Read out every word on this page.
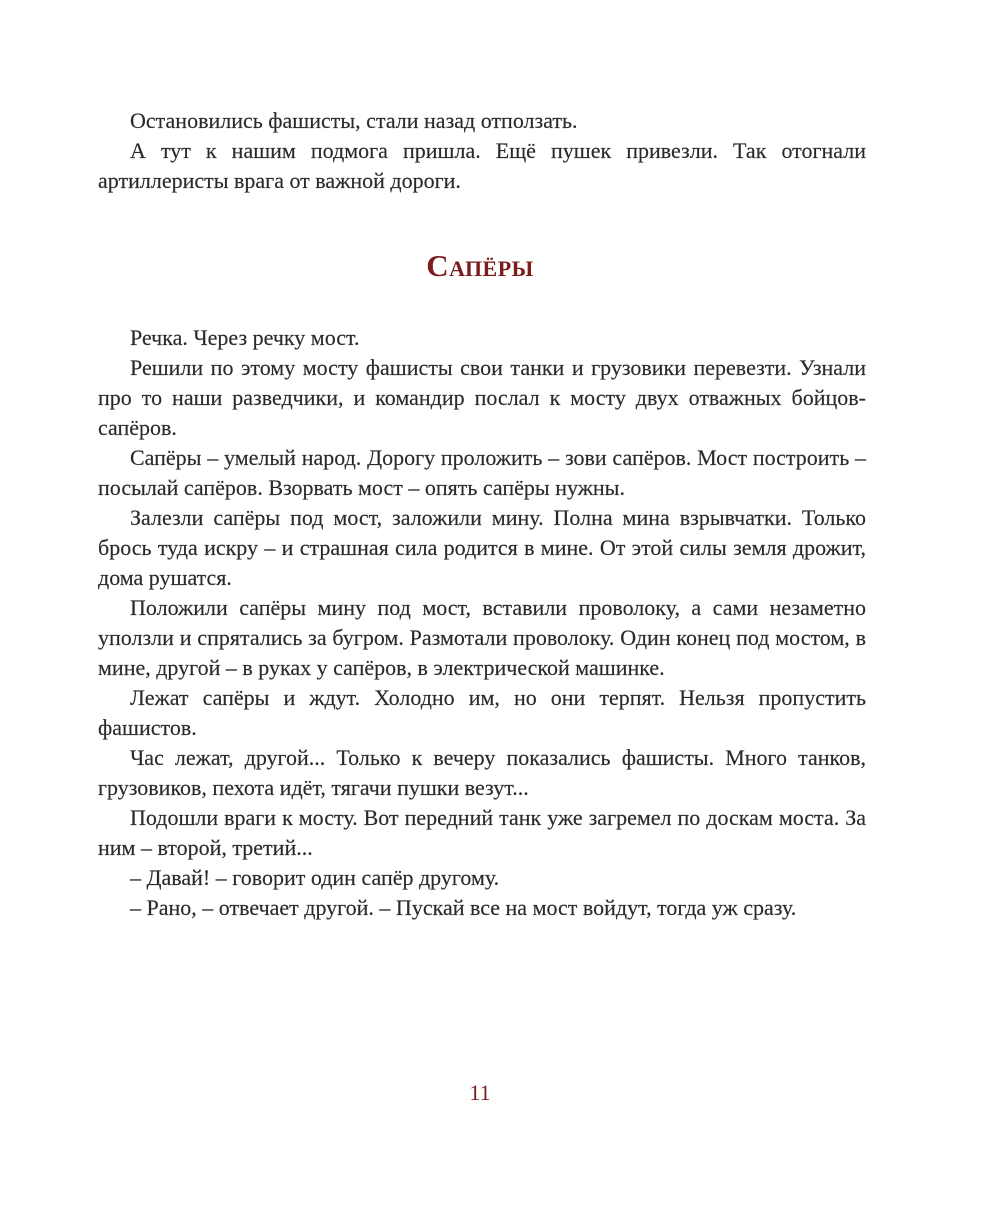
Остановились фашисты, стали назад отползать.

А тут к нашим подмога пришла. Ещё пушек привезли. Так отогнали артиллеристы врага от важной дороги.

Сапёры

Речка. Через речку мост.

Решили по этому мосту фашисты свои танки и грузовики перевезти. Узнали про то наши разведчики, и командир послал к мосту двух отважных бойцов-сапёров.

Сапёры – умелый народ. Дорогу проложить – зови сапёров. Мост построить – посылай сапёров. Взорвать мост – опять сапёры нужны.

Залезли сапёры под мост, заложили мину. Полна мина взрывчатки. Только брось туда искру – и страшная сила родится в мине. От этой силы земля дрожит, дома рушатся.

Положили сапёры мину под мост, вставили проволоку, а сами незаметно уползли и спрятались за бугром. Размотали проволоку. Один конец под мостом, в мине, другой – в руках у сапёров, в электрической машинке.

Лежат сапёры и ждут. Холодно им, но они терпят. Нельзя пропустить фашистов.

Час лежат, другой... Только к вечеру показались фашисты. Много танков, грузовиков, пехота идёт, тягачи пушки везут...

Подошли враги к мосту. Вот передний танк уже загремел по доскам моста. За ним – второй, третий...

– Давай! – говорит один сапёр другому.

– Рано, – отвечает другой. – Пускай все на мост войдут, тогда уж сразу.

11
